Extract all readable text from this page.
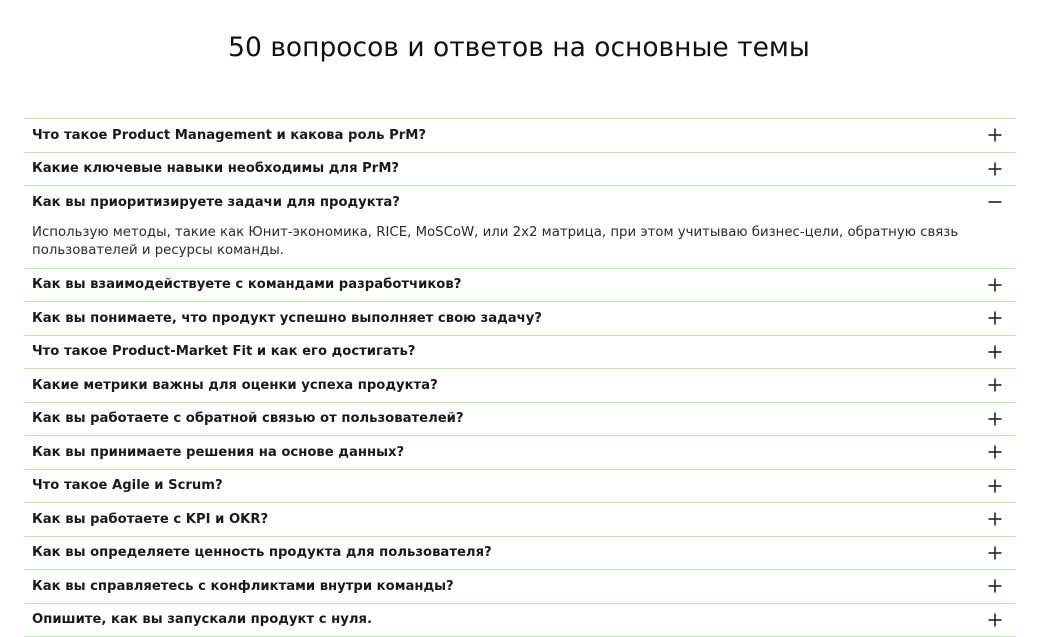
50 вопросов и ответов на основные темы
Что такое Product Management и какова роль PrM?
Какие ключевые навыки необходимы для PrM?
Как вы приоритизируете задачи для продукта?
Использую методы, такие как Юнит-экономика, RICE, MoSCoW, или 2x2 матрица, при этом учитываю бизнес-цели, обратную связь пользователей и ресурсы команды.
Как вы взаимодействуете с командами разработчиков?
Как вы понимаете, что продукт успешно выполняет свою задачу?
Что такое Product-Market Fit и как его достигать?
Какие метрики важны для оценки успеха продукта?
Как вы работаете с обратной связью от пользователей?
Как вы принимаете решения на основе данных?
Что такое Agile и Scrum?
Как вы работаете с KPI и OKR?
Как вы определяете ценность продукта для пользователя?
Как вы справляетесь с конфликтами внутри команды?
Опишите, как вы запускали продукт с нуля.
